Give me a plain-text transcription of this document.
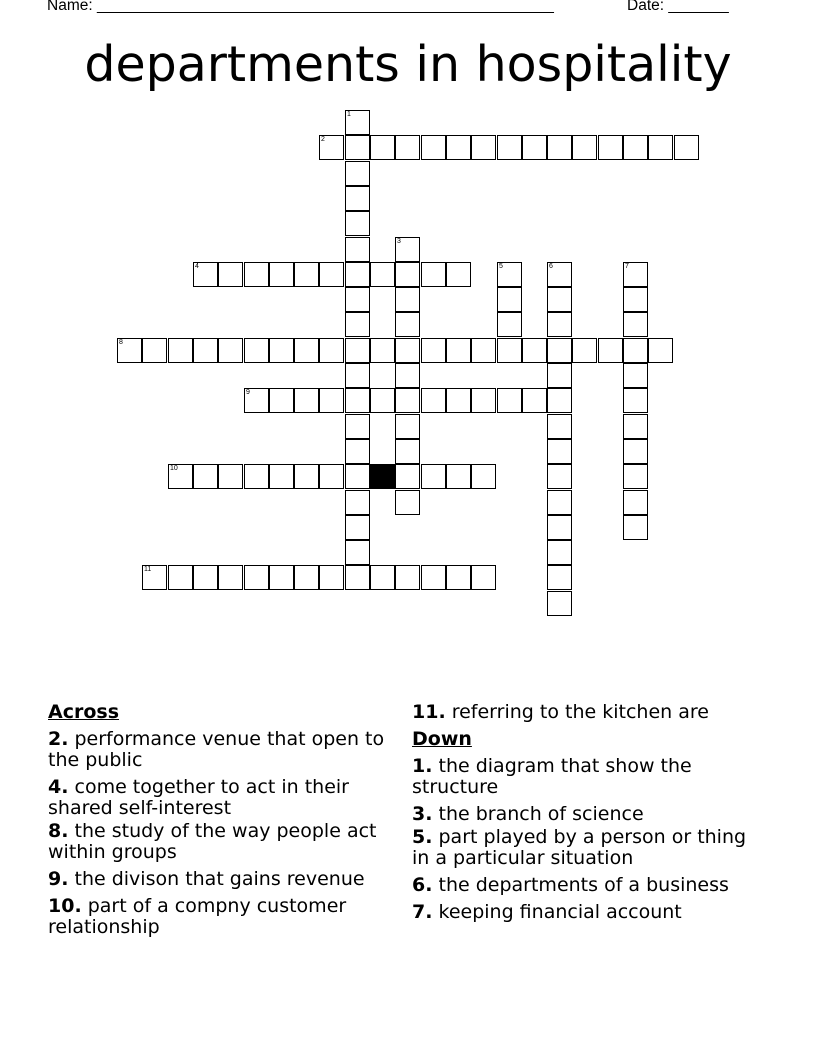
Name: _____________________________________________________	Date: _______
departments in hospitality
1
2
3
4	5	6	7
8
9
10
11
Across
2. performance venue that open to the public
4. come together to act in their shared self-interest
8. the study of the way people act within groups
9. the divison that gains revenue
10. part of a compny customer relationship
11. referring to the kitchen are
Down
1. the diagram that show the structure
3. the branch of science
5. part played by a person or thing in a particular situation
6. the departments of a business
7. keeping financial account
